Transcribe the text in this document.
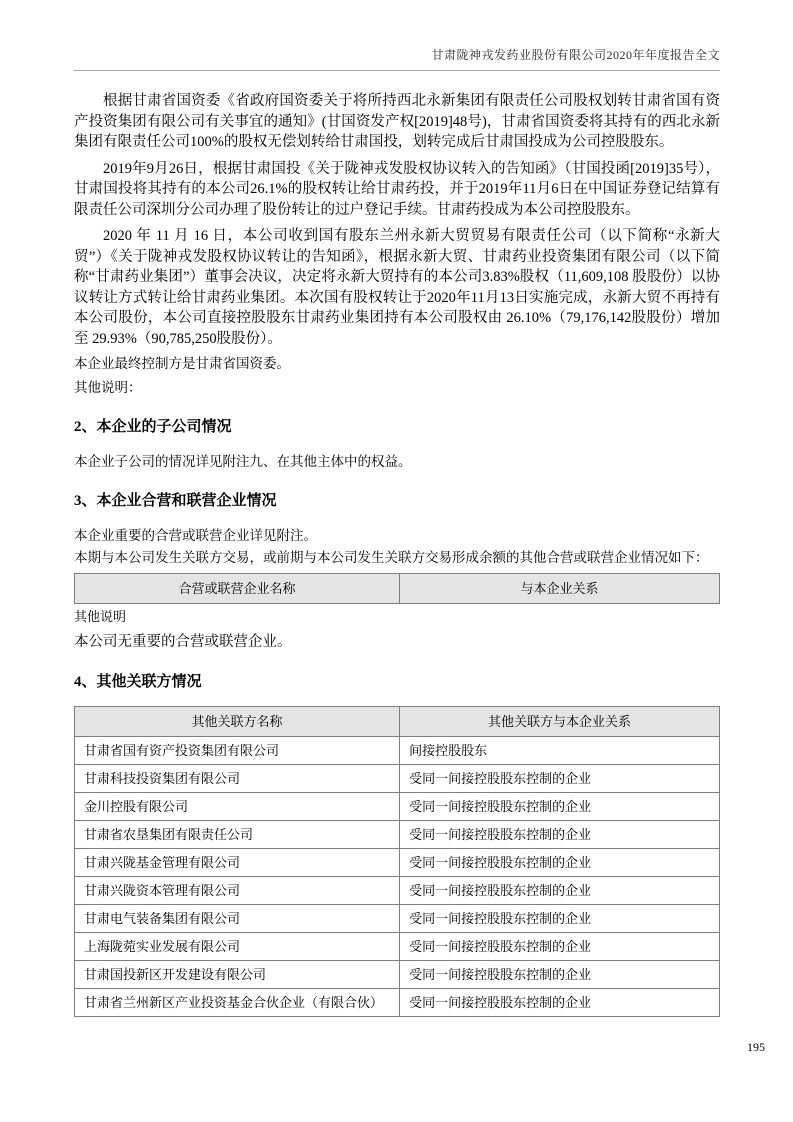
甘肃陇神戎发药业股份有限公司2020年年度报告全文

根据甘肃省国资委《省政府国资委关于将所持西北永新集团有限责任公司股权划转甘肃省国有资产投资集团有限公司有关事宜的通知》(甘国资发产权[2019]48号)，甘肃省国资委将其持有的西北永新集团有限责任公司100%的股权无偿划转给甘肃国投，划转完成后甘肃国投成为公司控股股东。

2019年9月26日，根据甘肃国投《关于陇神戎发股权协议转入的告知函》（甘国投函[2019]35号），甘肃国投将其持有的本公司26.1%的股权转让给甘肃药投，并于2019年11月6日在中国证券登记结算有限责任公司深圳分公司办理了股份转让的过户登记手续。甘肃药投成为本公司控股股东。

2020 年 11 月 16 日，本公司收到国有股东兰州永新大贸贸易有限责任公司（以下简称“永新大贸”）《关于陇神戎发股权协议转让的告知函》，根据永新大贸、甘肃药业投资集团有限公司（以下简称“甘肃药业集团”）董事会决议，决定将永新大贸持有的本公司3.83%股权（11,609,108 股股份）以协议转让方式转让给甘肃药业集团。本次国有股权转让于2020年11月13日实施完成，永新大贸不再持有本公司股份，本公司直接控股股东甘肃药业集团持有本公司股权由 26.10%（79,176,142股股份）增加至 29.93%（90,785,250股股份）。

本企业最终控制方是甘肃省国资委。
其他说明：
2、本企业的子公司情况
本企业子公司的情况详见附注九、在其他主体中的权益。
3、本企业合营和联营企业情况
本企业重要的合营或联营企业详见附注。
本期与本公司发生关联方交易，或前期与本公司发生关联方交易形成余额的其他合营或联营企业情况如下：
合营或联营企业名称	与本企业关系
其他说明
本公司无重要的合营或联营企业。
4、其他关联方情况
其他关联方名称	其他关联方与本企业关系
甘肃省国有资产投资集团有限公司	间接控股股东
甘肃科技投资集团有限公司	受同一间接控股股东控制的企业
金川控股有限公司	受同一间接控股股东控制的企业
甘肃省农垦集团有限责任公司	受同一间接控股股东控制的企业
甘肃兴陇基金管理有限公司	受同一间接控股股东控制的企业
甘肃兴陇资本管理有限公司	受同一间接控股股东控制的企业
甘肃电气装备集团有限公司	受同一间接控股股东控制的企业
上海陇菀实业发展有限公司	受同一间接控股股东控制的企业
甘肃国投新区开发建设有限公司	受同一间接控股股东控制的企业
甘肃省兰州新区产业投资基金合伙企业（有限合伙）	受同一间接控股股东控制的企业
195
